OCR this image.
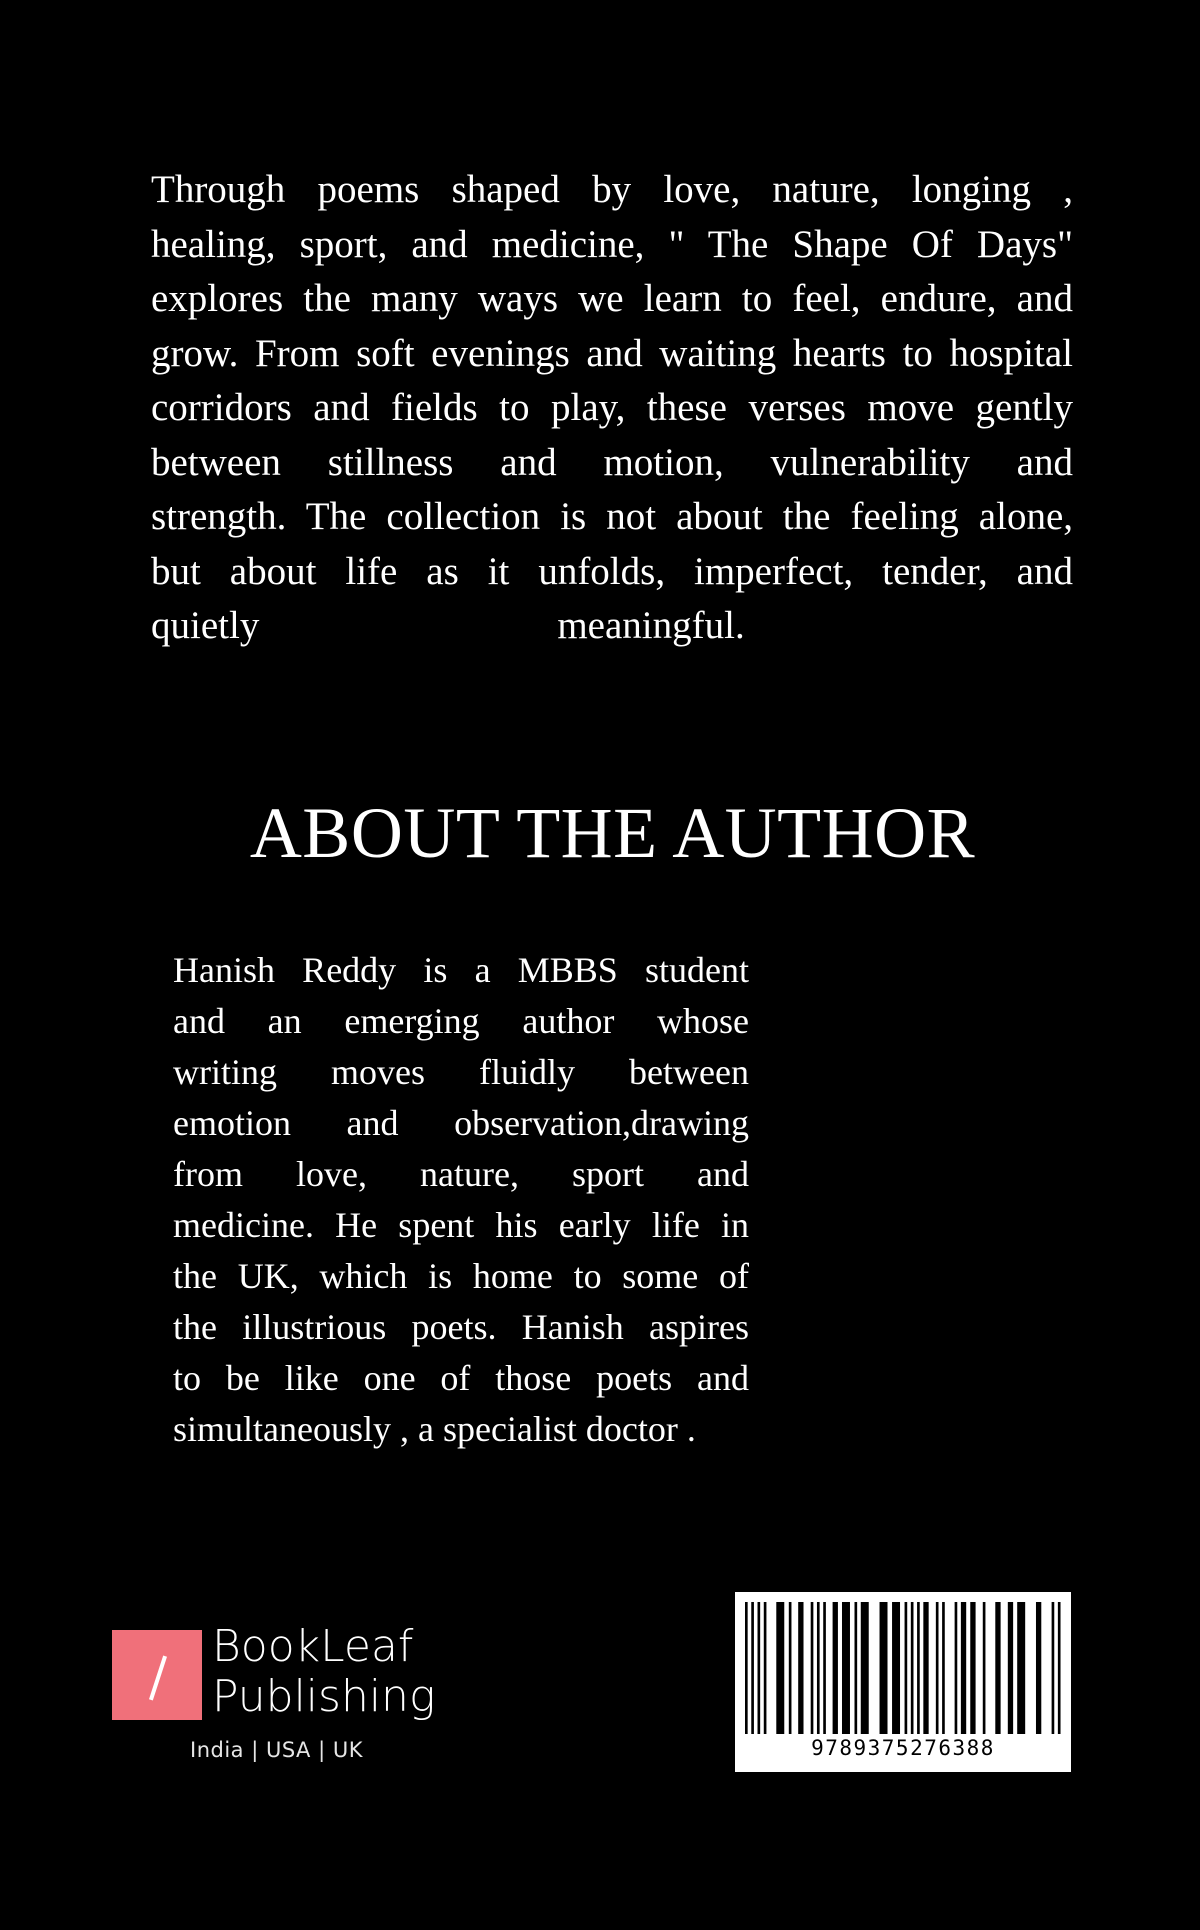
Through poems shaped by love, nature, longing ,
healing, sport, and medicine, " The Shape Of Days"
explores the many ways we learn to feel, endure, and
grow. From soft evenings and waiting hearts to hospital
corridors and fields to play, these verses move gently
between stillness and motion, vulnerability and
strength. The collection is not about the feeling alone,
but about life as it unfolds, imperfect, tender, and
quietly	meaningful.
ABOUT THE AUTHOR
Hanish Reddy is a MBBS student
and an emerging author whose
writing moves fluidly between
emotion and observation,drawing
from love, nature, sport and
medicine. He spent his early life in
the UK, which is home to some of
the illustrious poets. Hanish aspires
to be like one of those poets and
simultaneously , a specialist doctor .
BookLeaf
Publishing
India | USA | UK	9789375276388
